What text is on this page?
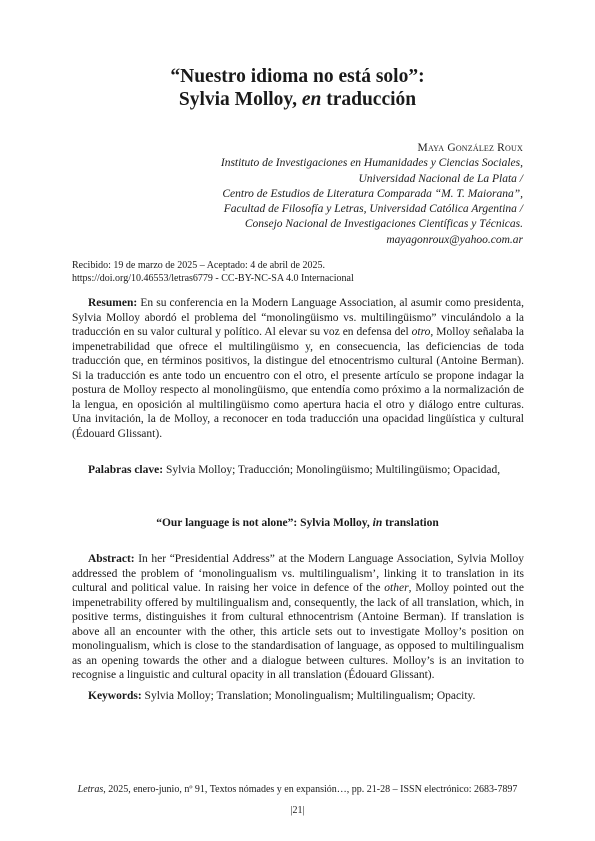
“Nuestro idioma no está solo”:
Sylvia Molloy, en traducción
Maya González Roux
Instituto de Investigaciones en Humanidades y Ciencias Sociales,
Universidad Nacional de La Plata /
Centro de Estudios de Literatura Comparada “M. T. Maiorana”,
Facultad de Filosofía y Letras, Universidad Católica Argentina /
Consejo Nacional de Investigaciones Científicas y Técnicas.
mayagonroux@yahoo.com.ar
Recibido: 19 de marzo de 2025 – Aceptado: 4 de abril de 2025.
https://doi.org/10.46553/letras6779 - CC-BY-NC-SA 4.0 Internacional
Resumen: En su conferencia en la Modern Language Association, al asumir como presidenta, Sylvia Molloy abordó el problema del “monolingüismo vs. multilingüismo” vinculándolo a la traducción en su valor cultural y político. Al elevar su voz en defensa del otro, Molloy señalaba la impenetrabilidad que ofrece el multilingüismo y, en consecuencia, las deficiencias de toda traducción que, en términos positivos, la distingue del etnocentrismo cultural (Antoine Berman). Si la traducción es ante todo un encuentro con el otro, el presente artículo se propone indagar la postura de Molloy respecto al monolingüismo, que entendía como próximo a la normalización de la lengua, en oposición al multilingüismo como apertura hacia el otro y diálogo entre culturas. Una invitación, la de Molloy, a reconocer en toda traducción una opacidad lingüística y cultural (Édouard Glissant).
Palabras clave: Sylvia Molloy; Traducción; Monolingüismo; Multilingüismo; Opacidad,
“Our language is not alone”: Sylvia Molloy, in translation
Abstract: In her “Presidential Address” at the Modern Language Association, Sylvia Molloy addressed the problem of ‘monolingualism vs. multilingualism’, linking it to translation in its cultural and political value. In raising her voice in defence of the other, Molloy pointed out the impenetrability offered by multilingualism and, consequently, the lack of all translation, which, in positive terms, distinguishes it from cultural ethnocentrism (Antoine Berman). If translation is above all an encounter with the other, this article sets out to investigate Molloy’s position on monolingualism, which is close to the standardisation of language, as opposed to multilingualism as an opening towards the other and a dialogue between cultures. Molloy’s is an invitation to recognise a linguistic and cultural opacity in all translation (Édouard Glissant).
Keywords: Sylvia Molloy; Translation; Monolingualism; Multilingualism; Opacity.
Letras, 2025, enero-junio, nº 91, Textos nómades y en expansión…, pp. 21-28 – ISSN electrónico: 2683-7897
|21|
